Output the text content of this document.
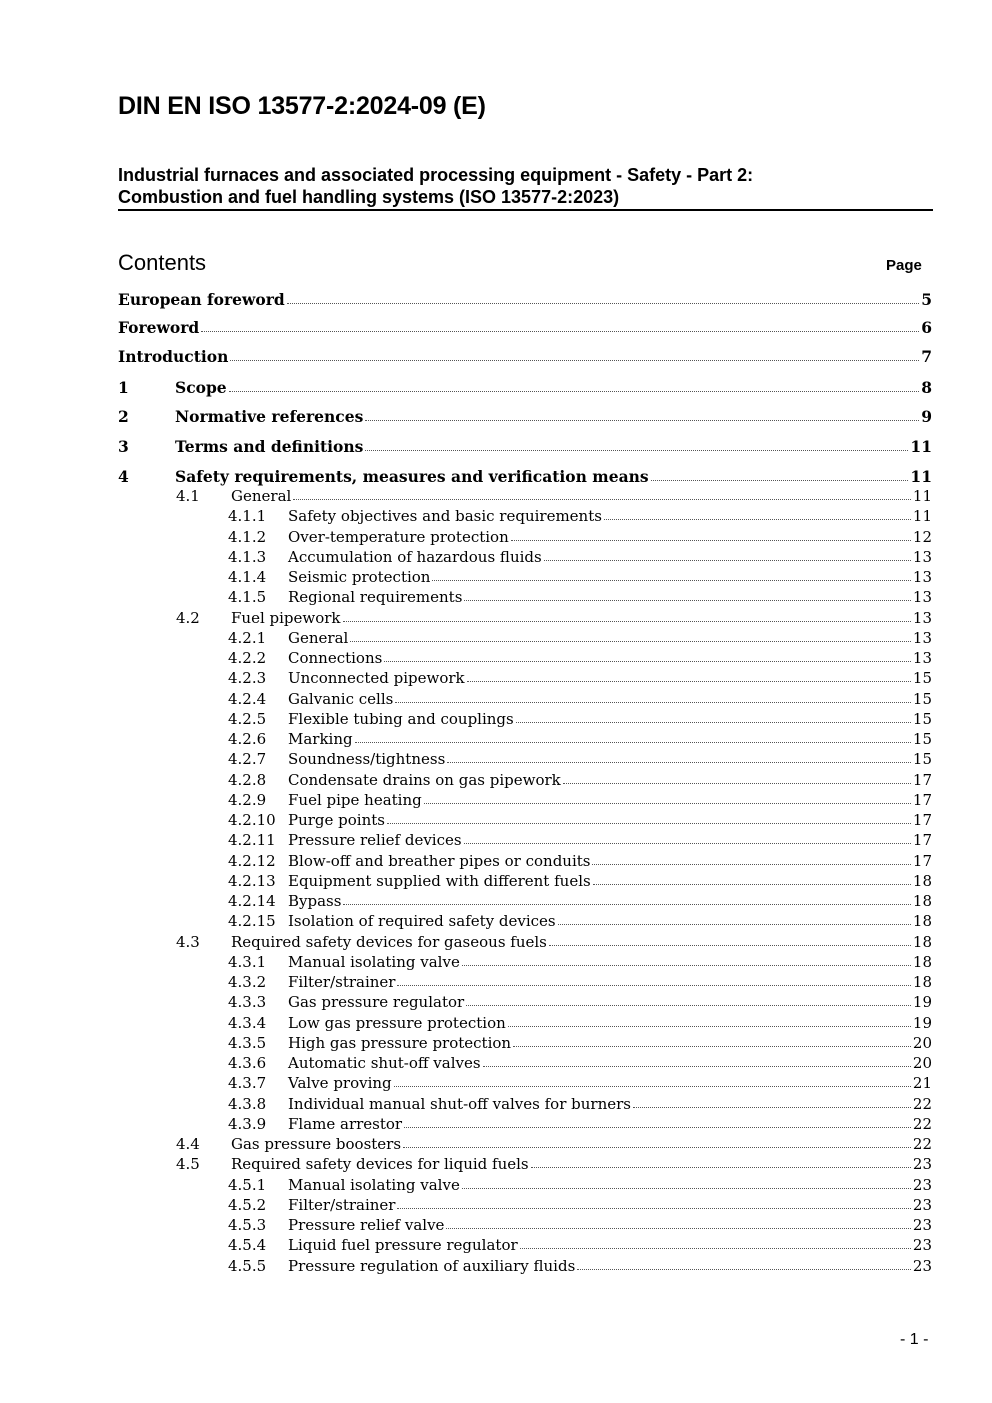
DIN EN ISO 13577-2:2024-09 (E)
Industrial furnaces and associated processing equipment - Safety - Part 2:
Combustion and fuel handling systems (ISO 13577-2:2023)
Contents	Page
European foreword	5
Foreword	6
Introduction	7
1	Scope	8
2	Normative references	9
3	Terms and definitions	11
4	Safety requirements, measures and verification means	11
4.1	General	11
4.1.1	Safety objectives and basic requirements	11
4.1.2	Over-temperature protection	12
4.1.3	Accumulation of hazardous fluids	13
4.1.4	Seismic protection	13
4.1.5	Regional requirements	13
4.2	Fuel pipework	13
4.2.1	General	13
4.2.2	Connections	13
4.2.3	Unconnected pipework	15
4.2.4	Galvanic cells	15
4.2.5	Flexible tubing and couplings	15
4.2.6	Marking	15
4.2.7	Soundness/tightness	15
4.2.8	Condensate drains on gas pipework	17
4.2.9	Fuel pipe heating	17
4.2.10 Purge points	17
4.2.11 Pressure relief devices	17
4.2.12 Blow-off and breather pipes or conduits	17
4.2.13 Equipment supplied with different fuels	18
4.2.14 Bypass	18
4.2.15 Isolation of required safety devices	18
4.3	Required safety devices for gaseous fuels	18
4.3.1	Manual isolating valve	18
4.3.2	Filter/strainer	18
4.3.3	Gas pressure regulator	19
4.3.4	Low gas pressure protection	19
4.3.5	High gas pressure protection	20
4.3.6	Automatic shut-off valves	20
4.3.7	Valve proving	21
4.3.8	Individual manual shut-off valves for burners	22
4.3.9	Flame arrestor	22
4.4	Gas pressure boosters	22
4.5	Required safety devices for liquid fuels	23
4.5.1	Manual isolating valve	23
4.5.2	Filter/strainer	23
4.5.3	Pressure relief valve	23
4.5.4	Liquid fuel pressure regulator	23
4.5.5	Pressure regulation of auxiliary fluids	23
- 1 -
